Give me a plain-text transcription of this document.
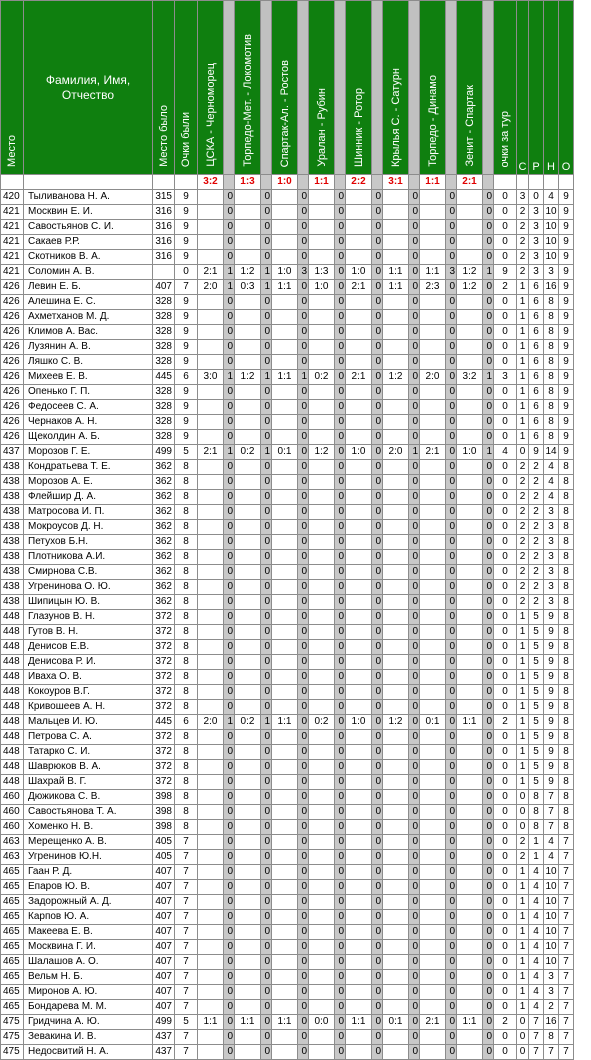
Место	Фамилия, Имя, Отчество	Место было	Очки были	ЦСКА - Черноморец		Торпедо-Мет. - Локомотив		Спартак-Ал. - Ростов		Уралан - Рубин		Шинник - Ротор		Крылья С. - Сатурн		Торпедо - Динамо		Зенит - Спартак		очки за тур	С	Р	Н	О
				3:2		1:3		1:0		1:1		2:2		3:1		1:1		2:1						
420	Тыливанова Н. А.	315	9		0		0		0		0		0		0		0		0	0	3	0	4	9
421	Москвин Е. И.	316	9		0		0		0		0		0		0		0		0	0	2	3	10	9
421	Савостьянов С. И.	316	9		0		0		0		0		0		0		0		0	0	2	3	10	9
421	Сакаев Р.Р.	316	9		0		0		0		0		0		0		0		0	0	2	3	10	9
421	Скотников В. А.	316	9		0		0		0		0		0		0		0		0	0	2	3	10	9
421	Соломин А. В.		0	2:1	1	1:2	1	1:0	3	1:3	0	1:0	0	1:1	0	1:1	3	1:2	1	9	2	3	3	9
426	Левин Е. Б.	407	7	2:0	1	0:3	1	1:1	0	1:0	0	2:1	0	1:1	0	2:3	0	1:2	0	2	1	6	16	9
426	Алешина Е. С.	328	9		0		0		0		0		0		0		0		0	0	1	6	8	9
426	Ахметханов М. Д.	328	9		0		0		0		0		0		0		0		0	0	1	6	8	9
426	Климов А. Вас.	328	9		0		0		0		0		0		0		0		0	0	1	6	8	9
426	Лузянин А. В.	328	9		0		0		0		0		0		0		0		0	0	1	6	8	9
426	Ляшко С. В.	328	9		0		0		0		0		0		0		0		0	0	1	6	8	9
426	Михеев Е. В.	445	6	3:0	1	1:2	1	1:1	1	0:2	0	2:1	0	1:2	0	2:0	0	3:2	1	3	1	6	8	9
426	Опенько Г. П.	328	9		0		0		0		0		0		0		0		0	0	1	6	8	9
426	Федосеев С. А.	328	9		0		0		0		0		0		0		0		0	0	1	6	8	9
426	Чернаков А. Н.	328	9		0		0		0		0		0		0		0		0	0	1	6	8	9
426	Щеколдин А. Б.	328	9		0		0		0		0		0		0		0		0	0	1	6	8	9
437	Морозов Г. Е.	499	5	2:1	1	0:2	1	0:1	0	1:2	0	1:0	0	2:0	1	2:1	0	1:0	1	4	0	9	14	9
438	Кондратьева Т. Е.	362	8		0		0		0		0		0		0		0		0	0	2	2	4	8
438	Морозов А. Е.	362	8		0		0		0		0		0		0		0		0	0	2	2	4	8
438	Флейшир Д. А.	362	8		0		0		0		0		0		0		0		0	0	2	2	4	8
438	Матросова И. П.	362	8		0		0		0		0		0		0		0		0	0	2	2	3	8
438	Мокроусов Д. Н.	362	8		0		0		0		0		0		0		0		0	0	2	2	3	8
438	Петухов Б.Н.	362	8		0		0		0		0		0		0		0		0	0	2	2	3	8
438	Плотникова А.И.	362	8		0		0		0		0		0		0		0		0	0	2	2	3	8
438	Смирнова С.В.	362	8		0		0		0		0		0		0		0		0	0	2	2	3	8
438	Угренинова О. Ю.	362	8		0		0		0		0		0		0		0		0	0	2	2	3	8
438	Шипицын Ю. В.	362	8		0		0		0		0		0		0		0		0	0	2	2	3	8
448	Глазунов В. Н.	372	8		0		0		0		0		0		0		0		0	0	1	5	9	8
448	Гутов В. Н.	372	8		0		0		0		0		0		0		0		0	0	1	5	9	8
448	Денисов Е.В.	372	8		0		0		0		0		0		0		0		0	0	1	5	9	8
448	Денисова Р. И.	372	8		0		0		0		0		0		0		0		0	0	1	5	9	8
448	Иваха О. В.	372	8		0		0		0		0		0		0		0		0	0	1	5	9	8
448	Кокоуров В.Г.	372	8		0		0		0		0		0		0		0		0	0	1	5	9	8
448	Кривошеев А. Н.	372	8		0		0		0		0		0		0		0		0	0	1	5	9	8
448	Мальцев И. Ю.	445	6	2:0	1	0:2	1	1:1	0	0:2	0	1:0	0	1:2	0	0:1	0	1:1	0	2	1	5	9	8
448	Петрова С. А.	372	8		0		0		0		0		0		0		0		0	0	1	5	9	8
448	Татарко С. И.	372	8		0		0		0		0		0		0		0		0	0	1	5	9	8
448	Шаврюков В. А.	372	8		0		0		0		0		0		0		0		0	0	1	5	9	8
448	Шахрай В. Г.	372	8		0		0		0		0		0		0		0		0	0	1	5	9	8
460	Дюжикова С. В.	398	8		0		0		0		0		0		0		0		0	0	0	8	7	8
460	Савостьянова Т. А.	398	8		0		0		0		0		0		0		0		0	0	0	8	7	8
460	Хоменко Н. В.	398	8		0		0		0		0		0		0		0		0	0	0	8	7	8
463	Мерещенко А. В.	405	7		0		0		0		0		0		0		0		0	0	2	1	4	7
463	Угренинов Ю.Н.	405	7		0		0		0		0		0		0		0		0	0	2	1	4	7
465	Гаан Р. Д.	407	7		0		0		0		0		0		0		0		0	0	1	4	10	7
465	Епаров Ю. В.	407	7		0		0		0		0		0		0		0		0	0	1	4	10	7
465	Задорожный А. Д.	407	7		0		0		0		0		0		0		0		0	0	1	4	10	7
465	Карпов Ю. А.	407	7		0		0		0		0		0		0		0		0	0	1	4	10	7
465	Макеева Е. В.	407	7		0		0		0		0		0		0		0		0	0	1	4	10	7
465	Москвина Г. И.	407	7		0		0		0		0		0		0		0		0	0	1	4	10	7
465	Шалашов А. О.	407	7		0		0		0		0		0		0		0		0	0	1	4	10	7
465	Вельм Н. Б.	407	7		0		0		0		0		0		0		0		0	0	1	4	3	7
465	Миронов А. Ю.	407	7		0		0		0		0		0		0		0		0	0	1	4	3	7
465	Бондарева М. М.	407	7		0		0		0		0		0		0		0		0	0	1	4	2	7
475	Гридчина А. Ю.	499	5	1:1	0	1:1	0	1:1	0	0:0	0	1:1	0	0:1	0	2:1	0	1:1	0	2	0	7	16	7
475	Зевакина И. В.	437	7		0		0		0		0		0		0		0		0	0	0	7	8	7
475	Недосвитий Н. А.	437	7		0		0		0		0		0		0		0		0	0	0	7	7	7
